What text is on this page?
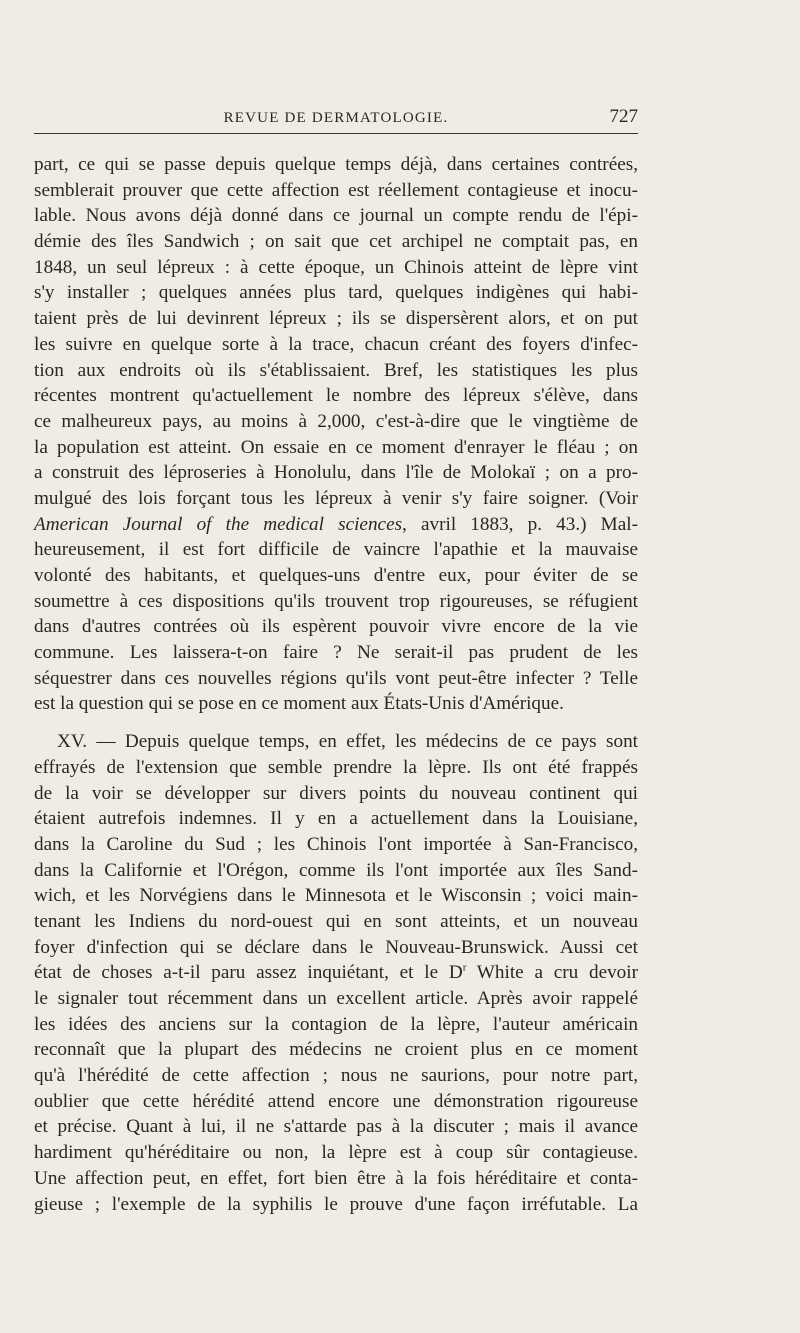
REVUE DE DERMATOLOGIE.	727
part, ce qui se passe depuis quelque temps déjà, dans certaines contrées,
semblerait prouver que cette affection est réellement contagieuse et inocu-
lable. Nous avons déjà donné dans ce journal un compte rendu de l'épi-
démie des îles Sandwich ; on sait que cet archipel ne comptait pas, en
1848, un seul lépreux : à cette époque, un Chinois atteint de lèpre vint
s'y installer ; quelques années plus tard, quelques indigènes qui habi-
taient près de lui devinrent lépreux ; ils se dispersèrent alors, et on put
les suivre en quelque sorte à la trace, chacun créant des foyers d'infec-
tion aux endroits où ils s'établissaient. Bref, les statistiques les plus
récentes montrent qu'actuellement le nombre des lépreux s'élève, dans
ce malheureux pays, au moins à 2,000, c'est-à-dire que le vingtième de
la population est atteint. On essaie en ce moment d'enrayer le fléau ; on
a construit des léproseries à Honolulu, dans l'île de Molokaï ; on a pro-
mulgué des lois forçant tous les lépreux à venir s'y faire soigner. (Voir
American Journal of the medical sciences, avril 1883, p. 43.) Mal-
heureusement, il est fort difficile de vaincre l'apathie et la mauvaise
volonté des habitants, et quelques-uns d'entre eux, pour éviter de se
soumettre à ces dispositions qu'ils trouvent trop rigoureuses, se réfugient
dans d'autres contrées où ils espèrent pouvoir vivre encore de la vie
commune. Les laissera-t-on faire ? Ne serait-il pas prudent de les
séquestrer dans ces nouvelles régions qu'ils vont peut-être infecter ? Telle
est la question qui se pose en ce moment aux États-Unis d'Amérique.
XV. — Depuis quelque temps, en effet, les médecins de ce pays sont
effrayés de l'extension que semble prendre la lèpre. Ils ont été frappés
de la voir se développer sur divers points du nouveau continent qui
étaient autrefois indemnes. Il y en a actuellement dans la Louisiane,
dans la Caroline du Sud ; les Chinois l'ont importée à San-Francisco,
dans la Californie et l'Orégon, comme ils l'ont importée aux îles Sand-
wich, et les Norvégiens dans le Minnesota et le Wisconsin ; voici main-
tenant les Indiens du nord-ouest qui en sont atteints, et un nouveau
foyer d'infection qui se déclare dans le Nouveau-Brunswick. Aussi cet
état de choses a-t-il paru assez inquiétant, et le $D^r$ White a cru devoir
le signaler tout récemment dans un excellent article. Après avoir rappelé
les idées des anciens sur la contagion de la lèpre, l'auteur américain
reconnaît que la plupart des médecins ne croient plus en ce moment
qu'à l'hérédité de cette affection ; nous ne saurions, pour notre part,
oublier que cette hérédité attend encore une démonstration rigoureuse
et précise. Quant à lui, il ne s'attarde pas à la discuter ; mais il avance
hardiment qu'héréditaire ou non, la lèpre est à coup sûr contagieuse.
Une affection peut, en effet, fort bien être à la fois héréditaire et conta-
gieuse ; l'exemple de la syphilis le prouve d'une façon irréfutable. La
